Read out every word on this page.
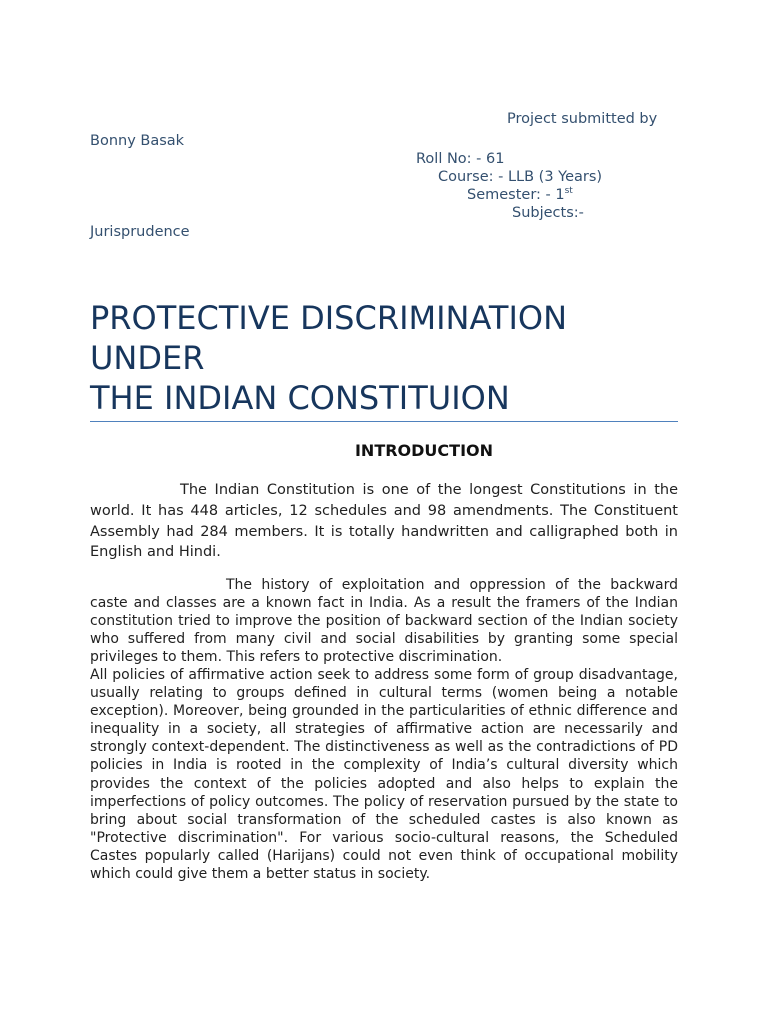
Project submitted by
Bonny Basak
Roll No: - 61
Course: - LLB (3 Years)
Semester: - 1st
Subjects:-
Jurisprudence
PROTECTIVE DISCRIMINATION
UNDER
THE INDIAN CONSTITUION
INTRODUCTION

The Indian Constitution is one of the longest Constitutions in the world. It has 448 articles, 12 schedules and 98 amendments. The Constituent Assembly had 284 members. It is totally handwritten and calligraphed both in English and Hindi.

The history of exploitation and oppression of the backward caste and classes are a known fact in India. As a result the framers of the Indian constitution tried to improve the position of backward section of the Indian society who suffered from many civil and social disabilities by granting some special privileges to them. This refers to protective discrimination.

All policies of affirmative action seek to address some form of group disadvantage, usually relating to groups defined in cultural terms (women being a notable exception). Moreover, being grounded in the particularities of ethnic difference and inequality in a society, all strategies of affirmative action are necessarily and strongly context-dependent. The distinctiveness as well as the contradictions of PD policies in India is rooted in the complexity of India’s cultural diversity which provides the context of the policies adopted and also helps to explain the imperfections of policy outcomes. The policy of reservation pursued by the state to bring about social transformation of the scheduled castes is also known as "Protective discrimination". For various socio-cultural reasons, the Scheduled Castes popularly called (Harijans) could not even think of occupational mobility which could give them a better status in society.
